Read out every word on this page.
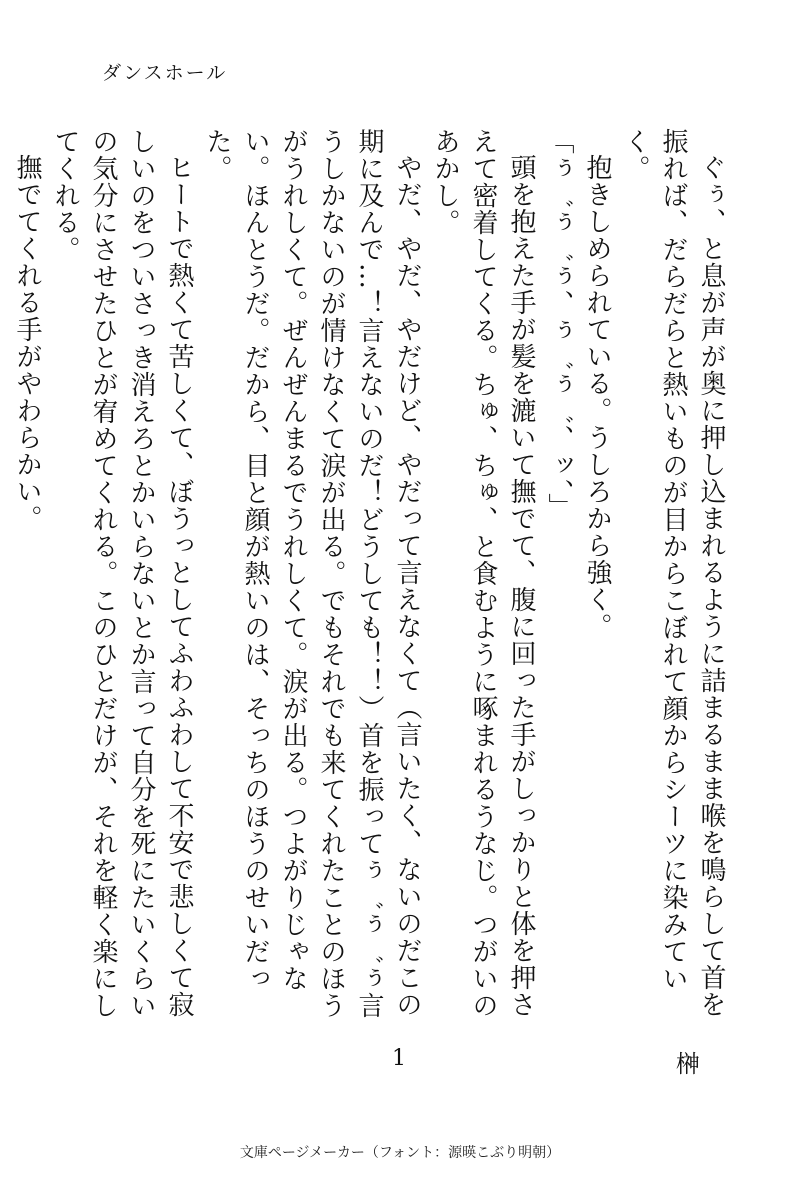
ダンスホール

ぐぅ、と息が声が奥に押し込まれるように詰まるまま喉を鳴らして首を振れば、だらだらと熱いものが目からこぼれて顔からシーツに染みていく。

抱きしめられている。うしろから強く。

「ぅ゛ぅ゛ぅ、ぅ゛ぅ゛、ッ、」

頭を抱えた手が髪を漉いて撫でて、腹に回った手がしっかりと体を押さえて密着してくる。ちゅ、ちゅ、と食むように啄まれるうなじ。つがいのあかし。

やだ、やだ、やだけど、やだって言えなくて（言いたく、ないのだこの期に及んで…！言えないのだ！どうしても！！）首を振ってぅ゛ぅ゛ぅ言うしかないのが情けなくて涙が出る。でもそれでも来てくれたことのほうがうれしくて。ぜんぜんまるでうれしくて。涙が出る。つよがりじゃない。ほんとうだ。だから、目と顔が熱いのは、そっちのほうのせいだった。

ヒートで熱くて苦しくて、ぼうっとしてふわふわして不安で悲しくて寂しいのをついさっき消えろとかいらないとか言って自分を死にたいくらいの気分にさせたひとが宥めてくれる。このひとだけが、それを軽く楽にしてくれる。

撫でてくれる手がやわらかい。

1	榊
文庫ページメーカー（フォント：源暎こぶり明朝）
